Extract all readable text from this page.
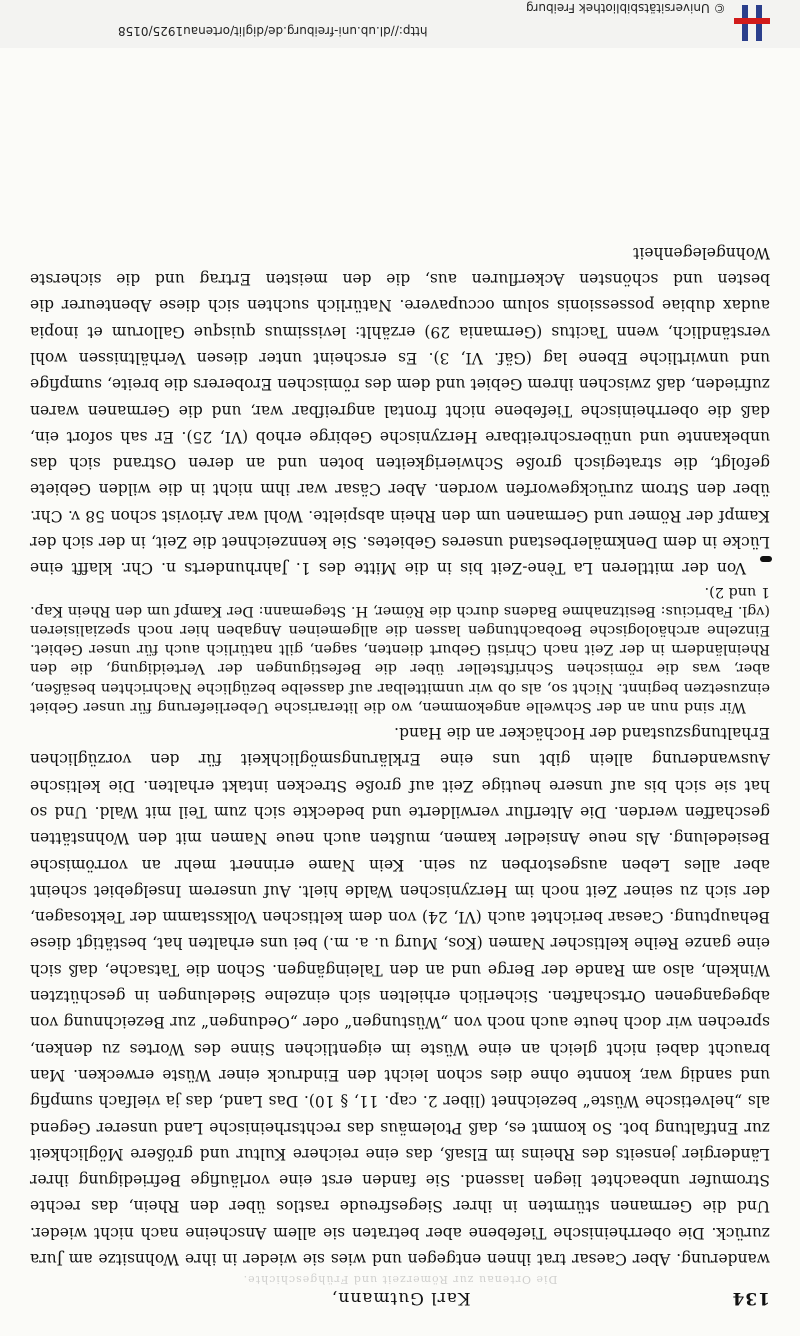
© Universitätsbibliothek Freiburg
http://dl.ub.uni-freiburg.de/diglit/ortenau1925/0158
134
Karl Gutmann,
Die Ortenau zur Römerzeit und Frühgeschichte.

wanderung. Aber Caesar trat ihnen entgegen und wies sie wieder in ihre Wohnsitze am Jura zurück. Die oberrheinische Tiefebene aber betraten sie allem Anscheine nach nicht wieder. Und die Germanen stürmten in ihrer Siegesfreude rastlos über den Rhein, das rechte Stromufer unbeachtet liegen lassend. Sie fanden erst eine vorläufige Befriedigung ihrer Ländergier jenseits des Rheins im Elsaß, das eine reichere Kultur und größere Möglichkeit zur Entfaltung bot. So kommt es, daß Ptolemäus das rechtsrheinische Land unserer Gegend als „helvetische Wüste“ bezeichnet (liber 2. cap. 11, § 10). Das Land, das ja vielfach sumpfig und sandig war, konnte ohne dies schon leicht den Eindruck einer Wüste erwecken. Man braucht dabei nicht gleich an eine Wüste im eigentlichen Sinne des Wortes zu denken, sprechen wir doch heute auch noch von „Wüstungen“ oder „Oedungen“ zur Bezeichnung von abgegangenen Ortschaften. Sicherlich erhielten sich einzelne Siedelungen in geschützten Winkeln, also am Rande der Berge und an den Taleingängen. Schon die Tatsache, daß sich eine ganze Reihe keltischer Namen (Kos, Murg u. a. m.) bei uns erhalten hat, bestätigt diese Behauptung. Caesar berichtet auch (VI, 24) von dem keltischen Volksstamm der Tektosagen, der sich zu seiner Zeit noch im Herzynischen Walde hielt. Auf unserem Inselgebiet scheint aber alles Leben ausgestorben zu sein. Kein Name erinnert mehr an vorrömische Besiedelung. Als neue Ansiedler kamen, mußten auch neue Namen mit den Wohnstätten geschaffen werden. Die Alterflur verwilderte und bedeckte sich zum Teil mit Wald. Und so hat sie sich bis auf unsere heutige Zeit auf große Strecken intakt erhalten. Die keltische Auswanderung allein gibt uns eine Erklärungsmöglichkeit für den vorzüglichen Erhaltungszustand der Hochäcker an die Hand.

Wir sind nun an der Schwelle angekommen, wo die literarische Ueberlieferung für unser Gebiet einzusetzen beginnt. Nicht so, als ob wir unmittelbar auf dasselbe bezügliche Nachrichten besäßen, aber, was die römischen Schriftsteller über die Befestigungen der Verteidigung, die den Rheinländern in der Zeit nach Christi Geburt dienten, sagen, gilt natürlich auch für unser Gebiet. Einzelne archäologische Beobachtungen lassen die allgemeinen Angaben hier noch spezialisieren (vgl. Fabricius: Besitznahme Badens durch die Römer, H. Stegemann: Der Kampf um den Rhein Kap. 1 und 2).

Von der mittleren La Tène-Zeit bis in die Mitte des 1. Jahrhunderts n. Chr. klafft eine Lücke in dem Denkmälerbestand unseres Gebietes. Sie kennzeichnet die Zeit, in der sich der Kampf der Römer und Germanen um den Rhein abspielte. Wohl war Ariovist schon 58 v. Chr. über den Strom zurückgeworfen worden. Aber Cäsar war ihm nicht in die wilden Gebiete gefolgt, die strategisch große Schwierigkeiten boten und an deren Ostrand sich das unbekannte und unüberschreitbare Herzynische Gebirge erhob (VI, 25). Er sah sofort ein, daß die oberrheinische Tiefebene nicht frontal angreifbar war, und die Germanen waren zufrieden, daß zwischen ihrem Gebiet und dem des römischen Eroberers die breite, sumpfige und unwirtliche Ebene lag (Gäf. VI, 3). Es erscheint unter diesen Verhältnissen wohl verständlich, wenn Tacitus (Germania 29) erzählt: levissimus quisque Gallorum et inopia audax dubiae possessionis solum occupavere. Natürlich suchten sich diese Abenteurer die besten und schönsten Ackerfluren aus, die den meisten Ertrag und die sicherste Wohngelegenheit
